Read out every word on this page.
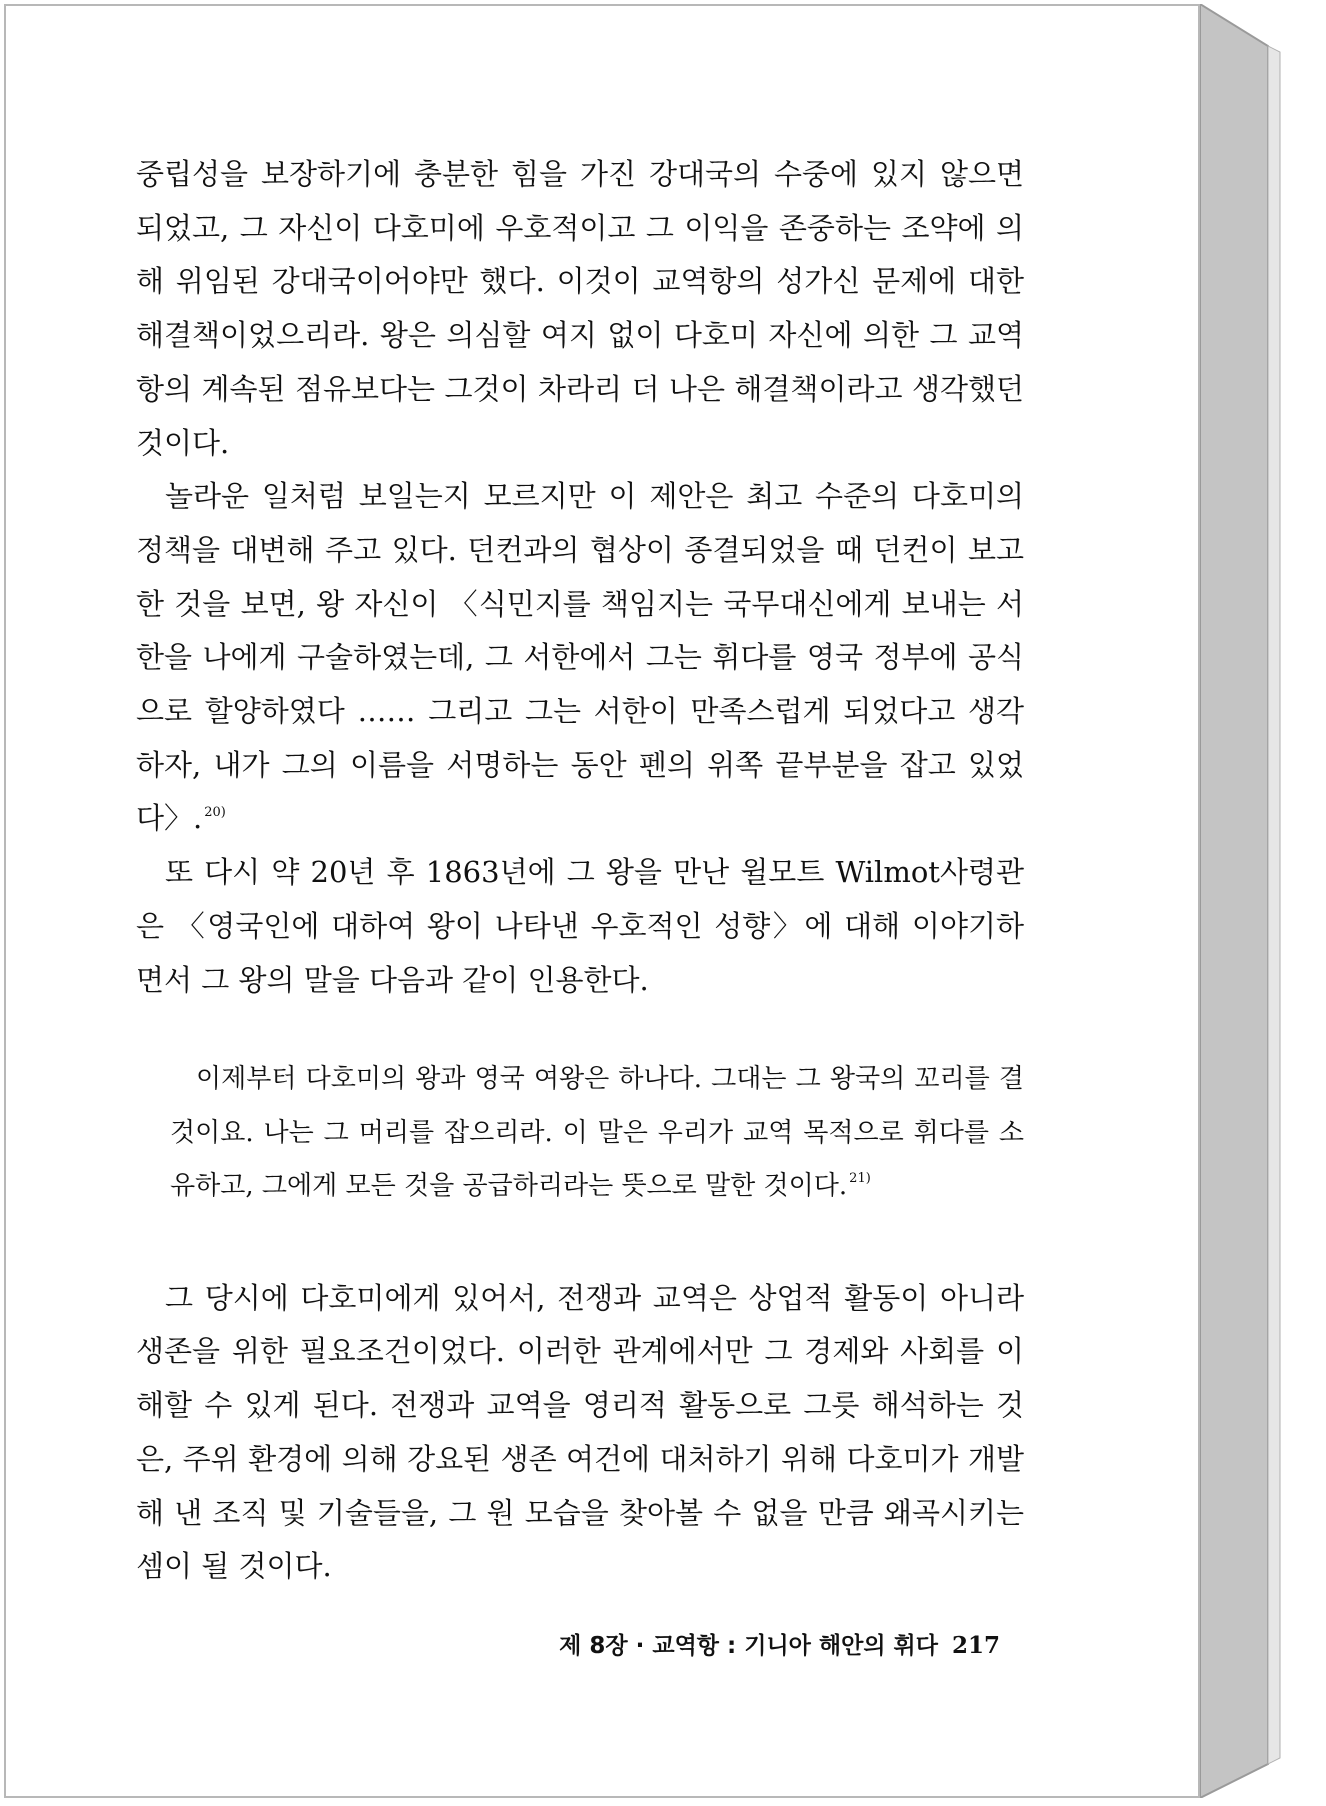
중립성을 보장하기에 충분한 힘을 가진 강대국의 수중에 있지 않으면 되었고, 그 자신이 다호미에 우호적이고 그 이익을 존중하는 조약에 의해 위임된 강대국이어야만 했다. 이것이 교역항의 성가신 문제에 대한 해결책이었으리라. 왕은 의심할 여지 없이 다호미 자신에 의한 그 교역항의 계속된 점유보다는 그것이 차라리 더 나은 해결책이라고 생각했던 것이다.

놀라운 일처럼 보일는지 모르지만 이 제안은 최고 수준의 다호미의 정책을 대변해 주고 있다. 던컨과의 협상이 종결되었을 때 던컨이 보고한 것을 보면, 왕 자신이 〈식민지를 책임지는 국무대신에게 보내는 서한을 나에게 구술하였는데, 그 서한에서 그는 휘다를 영국 정부에 공식으로 할양하였다 …… 그리고 그는 서한이 만족스럽게 되었다고 생각하자, 내가 그의 이름을 서명하는 동안 펜의 위쪽 끝부분을 잡고 있었다〉. $^{20)}$

또 다시 약 20년 후 1863년에 그 왕을 만난 윌모트 Wilmot사령관은 〈영국인에 대하여 왕이 나타낸 우호적인 성향〉에 대해 이야기하면서 그 왕의 말을 다음과 같이 인용한다.

이제부터 다호미의 왕과 영국 여왕은 하나다. 그대는 그 왕국의 꼬리를 결것이요. 나는 그 머리를 잡으리라. 이 말은 우리가 교역 목적으로 휘다를 소유하고, 그에게 모든 것을 공급하리라는 뜻으로 말한 것이다. $^{21)}$

그 당시에 다호미에게 있어서, 전쟁과 교역은 상업적 활동이 아니라 생존을 위한 필요조건이었다. 이러한 관계에서만 그 경제와 사회를 이해할 수 있게 된다. 전쟁과 교역을 영리적 활동으로 그릇 해석하는 것은, 주위 환경에 의해 강요된 생존 여건에 대처하기 위해 다호미가 개발해 낸 조직 및 기술들을, 그 원 모습을 찾아볼 수 없을 만큼 왜곡시키는 셈이 될 것이다.

제 8장 · 교역항 : 기니아 해안의 휘다 217
